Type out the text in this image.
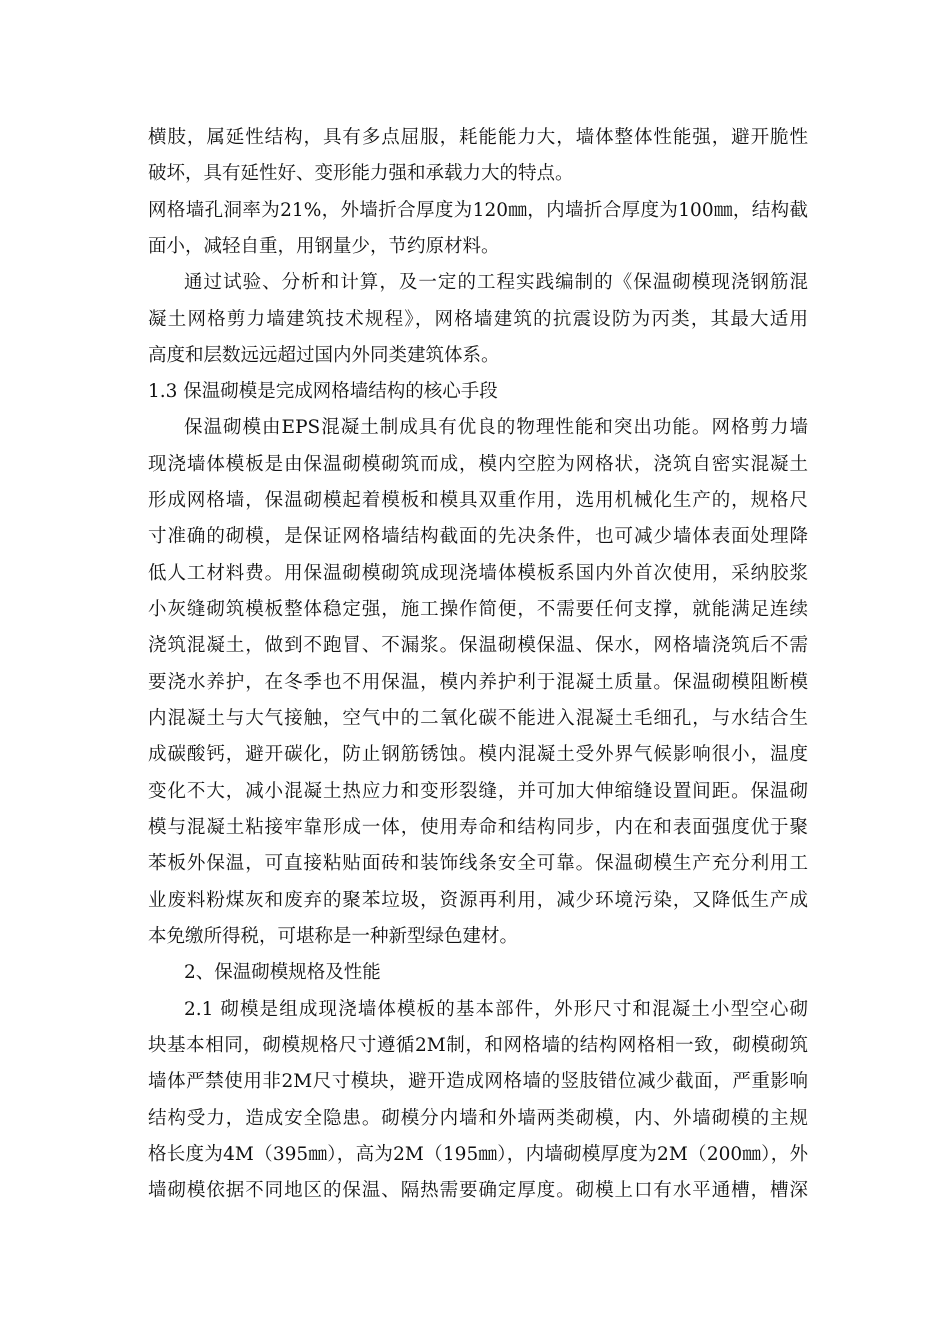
横肢，属延性结构，具有多点屈服，耗能能力大，墙体整体性能强，避开脆性
破坏，具有延性好、变形能力强和承载力大的特点。
网格墙孔洞率为21%，外墙折合厚度为120㎜，内墙折合厚度为100㎜，结构截
面小，减轻自重，用钢量少，节约原材料。
通过试验、分析和计算，及一定的工程实践编制的《保温砌模现浇钢筋混
凝土网格剪力墙建筑技术规程》，网格墙建筑的抗震设防为丙类，其最大适用
高度和层数远远超过国内外同类建筑体系。
1.3 保温砌模是完成网格墙结构的核心手段
保温砌模由EPS混凝土制成具有优良的物理性能和突出功能。网格剪力墙
现浇墙体模板是由保温砌模砌筑而成，模内空腔为网格状，浇筑自密实混凝土
形成网格墙，保温砌模起着模板和模具双重作用，选用机械化生产的，规格尺
寸准确的砌模，是保证网格墙结构截面的先决条件，也可减少墙体表面处理降
低人工材料费。用保温砌模砌筑成现浇墙体模板系国内外首次使用，采纳胶浆
小灰缝砌筑模板整体稳定强，施工操作简便，不需要任何支撑，就能满足连续
浇筑混凝土，做到不跑冒、不漏浆。保温砌模保温、保水，网格墙浇筑后不需
要浇水养护，在冬季也不用保温，模内养护利于混凝土质量。保温砌模阻断模
内混凝土与大气接触，空气中的二氧化碳不能进入混凝土毛细孔，与水结合生
成碳酸钙，避开碳化，防止钢筋锈蚀。模内混凝土受外界气候影响很小，温度
变化不大，减小混凝土热应力和变形裂缝，并可加大伸缩缝设置间距。保温砌
模与混凝土粘接牢靠形成一体，使用寿命和结构同步，内在和表面强度优于聚
苯板外保温，可直接粘贴面砖和装饰线条安全可靠。保温砌模生产充分利用工
业废料粉煤灰和废弃的聚苯垃圾，资源再利用，减少环境污染，又降低生产成
本免缴所得税，可堪称是一种新型绿色建材。
2、保温砌模规格及性能
2.1 砌模是组成现浇墙体模板的基本部件，外形尺寸和混凝土小型空心砌
块基本相同，砌模规格尺寸遵循2M制，和网格墙的结构网格相一致，砌模砌筑
墙体严禁使用非2M尺寸模块，避开造成网格墙的竖肢错位减少截面，严重影响
结构受力，造成安全隐患。砌模分内墙和外墙两类砌模，内、外墙砌模的主规
格长度为4M（395㎜），高为2M（195㎜），内墙砌模厚度为2M（200㎜），外
墙砌模依据不同地区的保温、隔热需要确定厚度。砌模上口有水平通槽，槽深
